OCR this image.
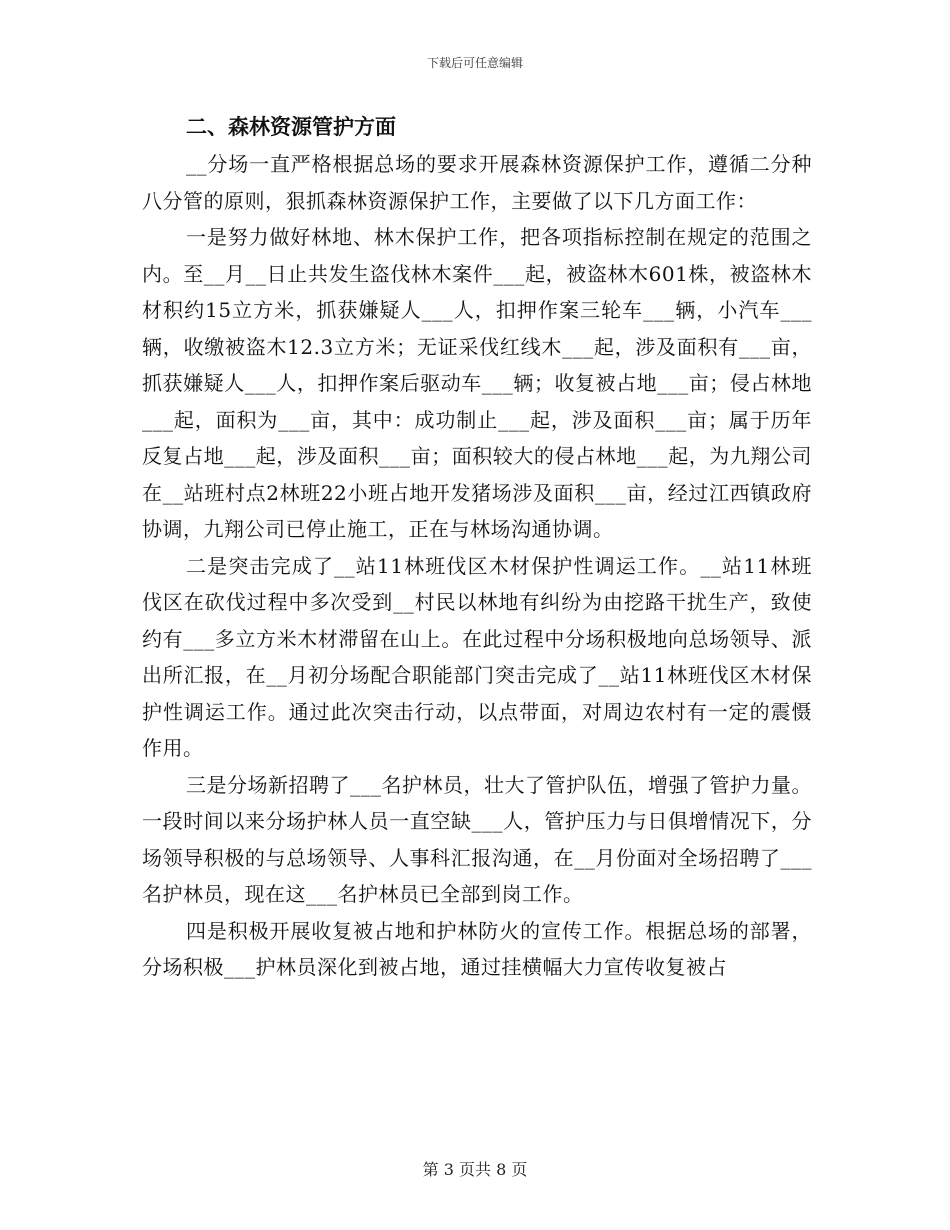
下载后可任意编辑
二、森林资源管护方面

__分场一直严格根据总场的要求开展森林资源保护工作，遵循二分种八分管的原则，狠抓森林资源保护工作，主要做了以下几方面工作：

一是努力做好林地、林木保护工作，把各项指标控制在规定的范围之内。至__月__日止共发生盗伐林木案件___起，被盗林木601株，被盗林木材积约15立方米，抓获嫌疑人___人，扣押作案三轮车___辆，小汽车___辆，收缴被盗木12.3立方米；无证采伐红线木___起，涉及面积有___亩，抓获嫌疑人___人，扣押作案后驱动车___辆；收复被占地___亩；侵占林地___起，面积为___亩，其中：成功制止___起，涉及面积___亩；属于历年反复占地___起，涉及面积___亩；面积较大的侵占林地___起，为九翔公司在__站班村点2林班22小班占地开发猪场涉及面积___亩，经过江西镇政府协调，九翔公司已停止施工，正在与林场沟通协调。

二是突击完成了__站11林班伐区木材保护性调运工作。__站11林班伐区在砍伐过程中多次受到__村民以林地有纠纷为由挖路干扰生产，致使约有___多立方米木材滞留在山上。在此过程中分场积极地向总场领导、派出所汇报，在__月初分场配合职能部门突击完成了__站11林班伐区木材保护性调运工作。通过此次突击行动，以点带面，对周边农村有一定的震慑作用。

三是分场新招聘了___名护林员，壮大了管护队伍，增强了管护力量。一段时间以来分场护林人员一直空缺___人，管护压力与日俱增情况下，分场领导积极的与总场领导、人事科汇报沟通，在__月份面对全场招聘了___名护林员，现在这___名护林员已全部到岗工作。

四是积极开展收复被占地和护林防火的宣传工作。根据总场的部署，分场积极___护林员深化到被占地，通过挂横幅大力宣传收复被占

第 3 页共 8 页
